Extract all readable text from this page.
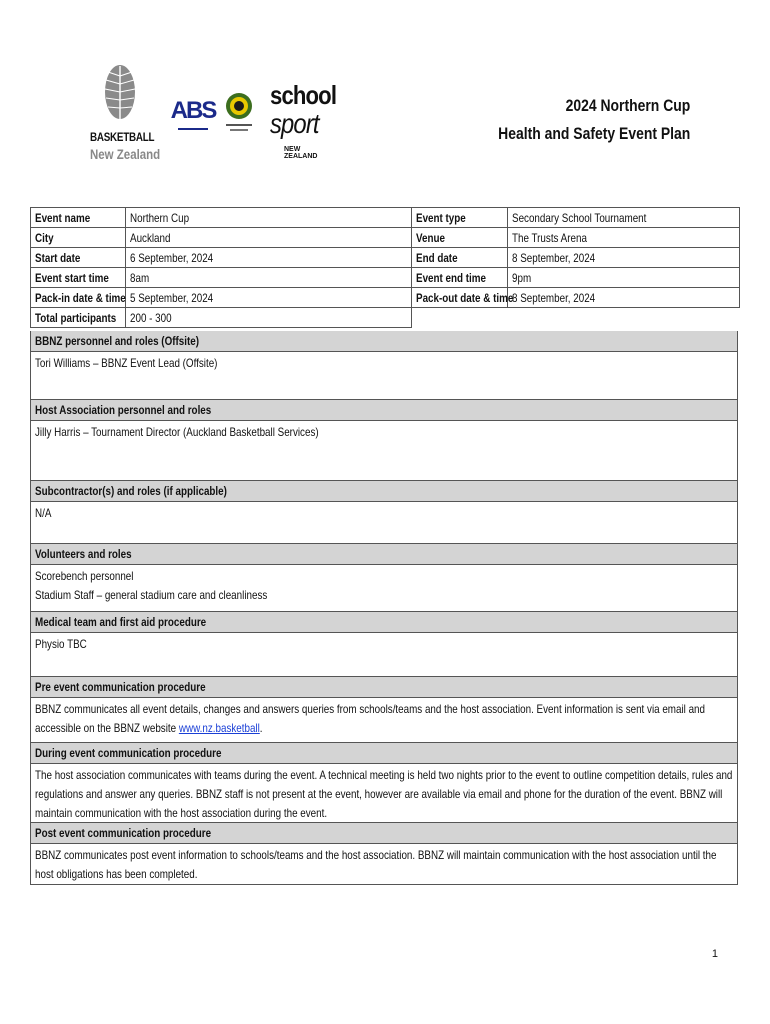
BASKETBALL
New Zealand
ABS
school
sport
NEW ZEALAND
2024 Northern Cup
Health and Safety Event Plan
Event name	Northern Cup	Event type	Secondary School Tournament
City	Auckland	Venue	The Trusts Arena
Start date	6 September, 2024	End date	8 September, 2024
Event start time	8am	Event end time	9pm
Pack-in date & time	5 September, 2024	Pack-out date & time	8 September, 2024
Total participants	200 - 300		
BBNZ personnel and roles (Offsite)
Tori Williams – BBNZ Event Lead (Offsite)
Host Association personnel and roles
Jilly Harris – Tournament Director (Auckland Basketball Services)
Subcontractor(s) and roles (if applicable)
N/A
Volunteers and roles
Scorebench personnel
Stadium Staff – general stadium care and cleanliness
Medical team and first aid procedure
Physio TBC
Pre event communication procedure
BBNZ communicates all event details, changes and answers queries from schools/teams and the host association. Event information is sent via email and accessible on the BBNZ website www.nz.basketball.
During event communication procedure
The host association communicates with teams during the event. A technical meeting is held two nights prior to the event to outline competition details, rules and regulations and answer any queries. BBNZ staff is not present at the event, however are available via email and phone for the duration of the event. BBNZ will maintain communication with the host association during the event.
Post event communication procedure
BBNZ communicates post event information to schools/teams and the host association. BBNZ will maintain communication with the host association until the host obligations has been completed.
1
